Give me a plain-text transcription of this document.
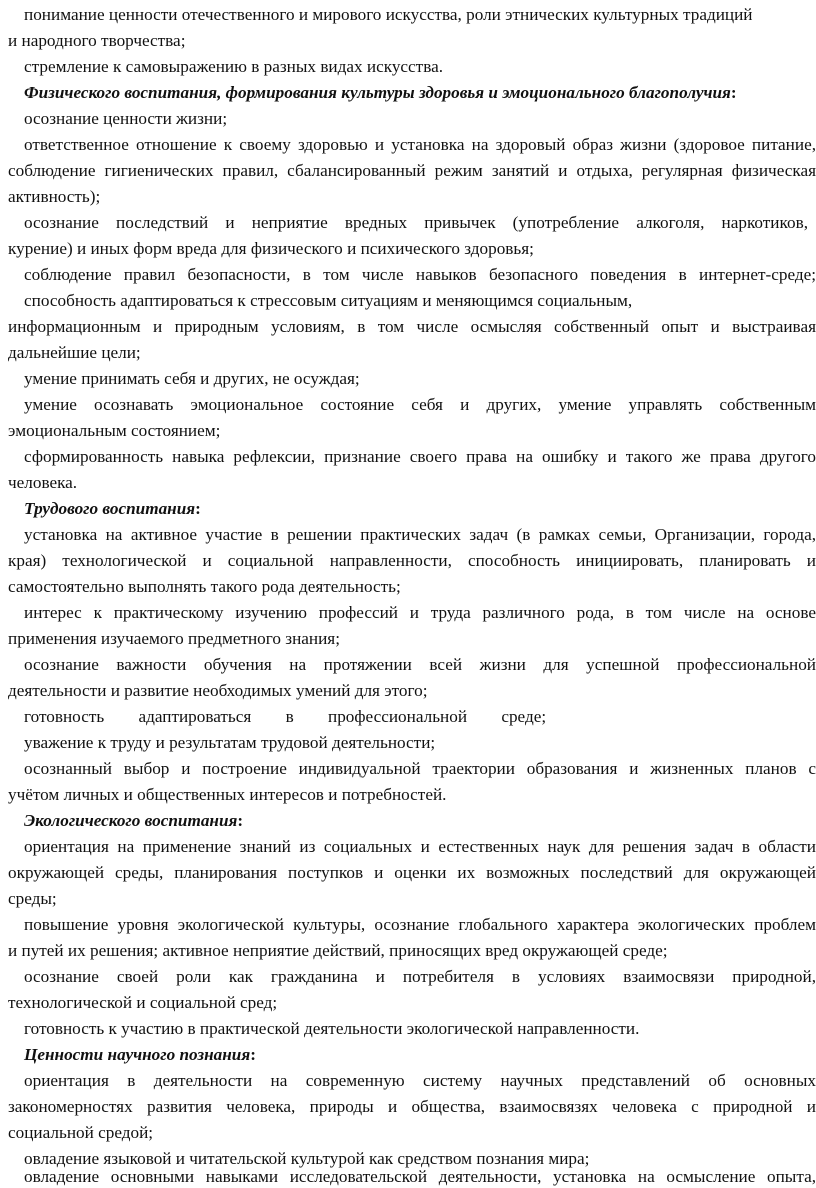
понимание ценности отечественного и мирового искусства, роли этнических культурных традиций

и народного творчества;

стремление к самовыражению в разных видах искусства.

Физического воспитания, формирования культуры здоровья и эмоционального благополучия:

осознание ценности жизни;

ответственное отношение к своему здоровью и установка на здоровый образ жизни (здоровое питание,

соблюдение гигиенических правил, сбалансированный режим занятий и отдыха, регулярная физическая

активность);

осознание последствий и неприятие вредных привычек (употребление алкоголя, наркотиков,

курение) и иных форм вреда для физического и психического здоровья;

соблюдение правил безопасности, в том числе навыков безопасного поведения в интернет-среде;

способность адаптироваться к стрессовым ситуациям и меняющимся социальным,

информационным и природным условиям, в том числе осмысляя собственный опыт и выстраивая

дальнейшие цели;

умение принимать себя и других, не осуждая;

умение осознавать эмоциональное состояние себя и других, умение управлять собственным

эмоциональным состоянием;

сформированность навыка рефлексии, признание своего права на ошибку и такого же права другого

человека.

Трудового воспитания:

установка на активное участие в решении практических задач (в рамках семьи, Организации, города,

края) технологической и социальной направленности, способность инициировать, планировать и

самостоятельно выполнять такого рода деятельность;

интерес к практическому изучению профессий и труда различного рода, в том числе на основе

применения изучаемого предметного знания;

осознание важности обучения на протяжении всей жизни для успешной профессиональной

деятельности и развитие необходимых умений для этого;

готовность адаптироваться в профессиональной среде;

уважение к труду и результатам трудовой деятельности;

осознанный выбор и построение индивидуальной траектории образования и жизненных планов с

учётом личных и общественных интересов и потребностей.

Экологического воспитания:

ориентация на применение знаний из социальных и естественных наук для решения задач в области

окружающей среды, планирования поступков и оценки их возможных последствий для окружающей

среды;

повышение уровня экологической культуры, осознание глобального характера экологических проблем

и путей их решения; активное неприятие действий, приносящих вред окружающей среде;

осознание своей роли как гражданина и потребителя в условиях взаимосвязи природной,

технологической и социальной сред;

готовность к участию в практической деятельности экологической направленности.

Ценности научного познания:

ориентация в деятельности на современную систему научных представлений об основных

закономерностях развития человека, природы и общества, взаимосвязях человека с природной и

социальной средой;

овладение языковой и читательской культурой как средством познания мира;

овладение основными навыками исследовательской деятельности, установка на осмысление опыта,
